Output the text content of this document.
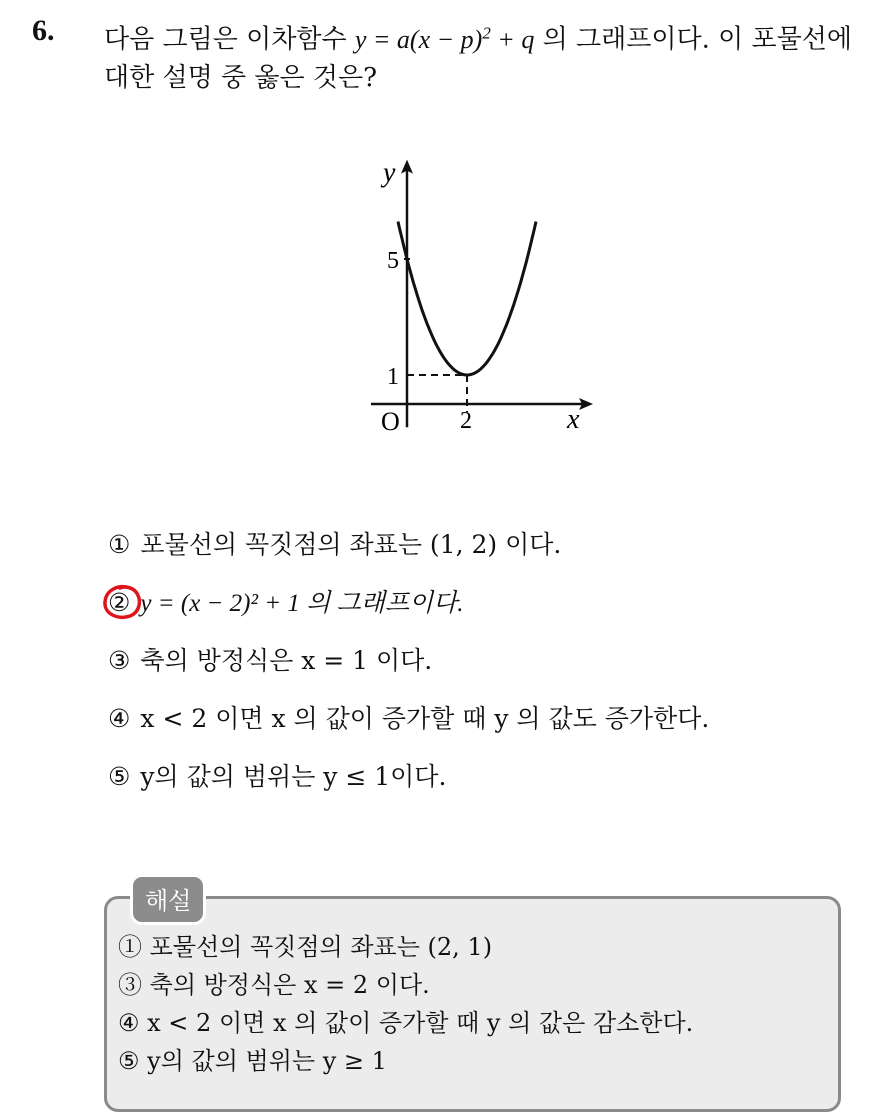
6. 다음 그림은 이차함수 $y = a(x - p)^2 + q$ 의 그래프이다. 이 포물선에
대한 설명 중 옳은 것은?
y
x
O
5
1
2
① 포물선의 꼭짓점의 좌표는 (1, 2) 이다.
② y = (x − 2)² + 1 의 그래프이다.
③ 축의 방정식은 x = 1 이다.
④ x < 2 이면 x 의 값이 증가할 때 y 의 값도 증가한다.
⑤ y의 값의 범위는 y ≤ 1이다.
해설
① 포물선의 꼭짓점의 좌표는 (2, 1)
③ 축의 방정식은 x = 2 이다.
④ x < 2 이면 x 의 값이 증가할 때 y 의 값은 감소한다.
⑤ y의 값의 범위는 y ≥ 1
